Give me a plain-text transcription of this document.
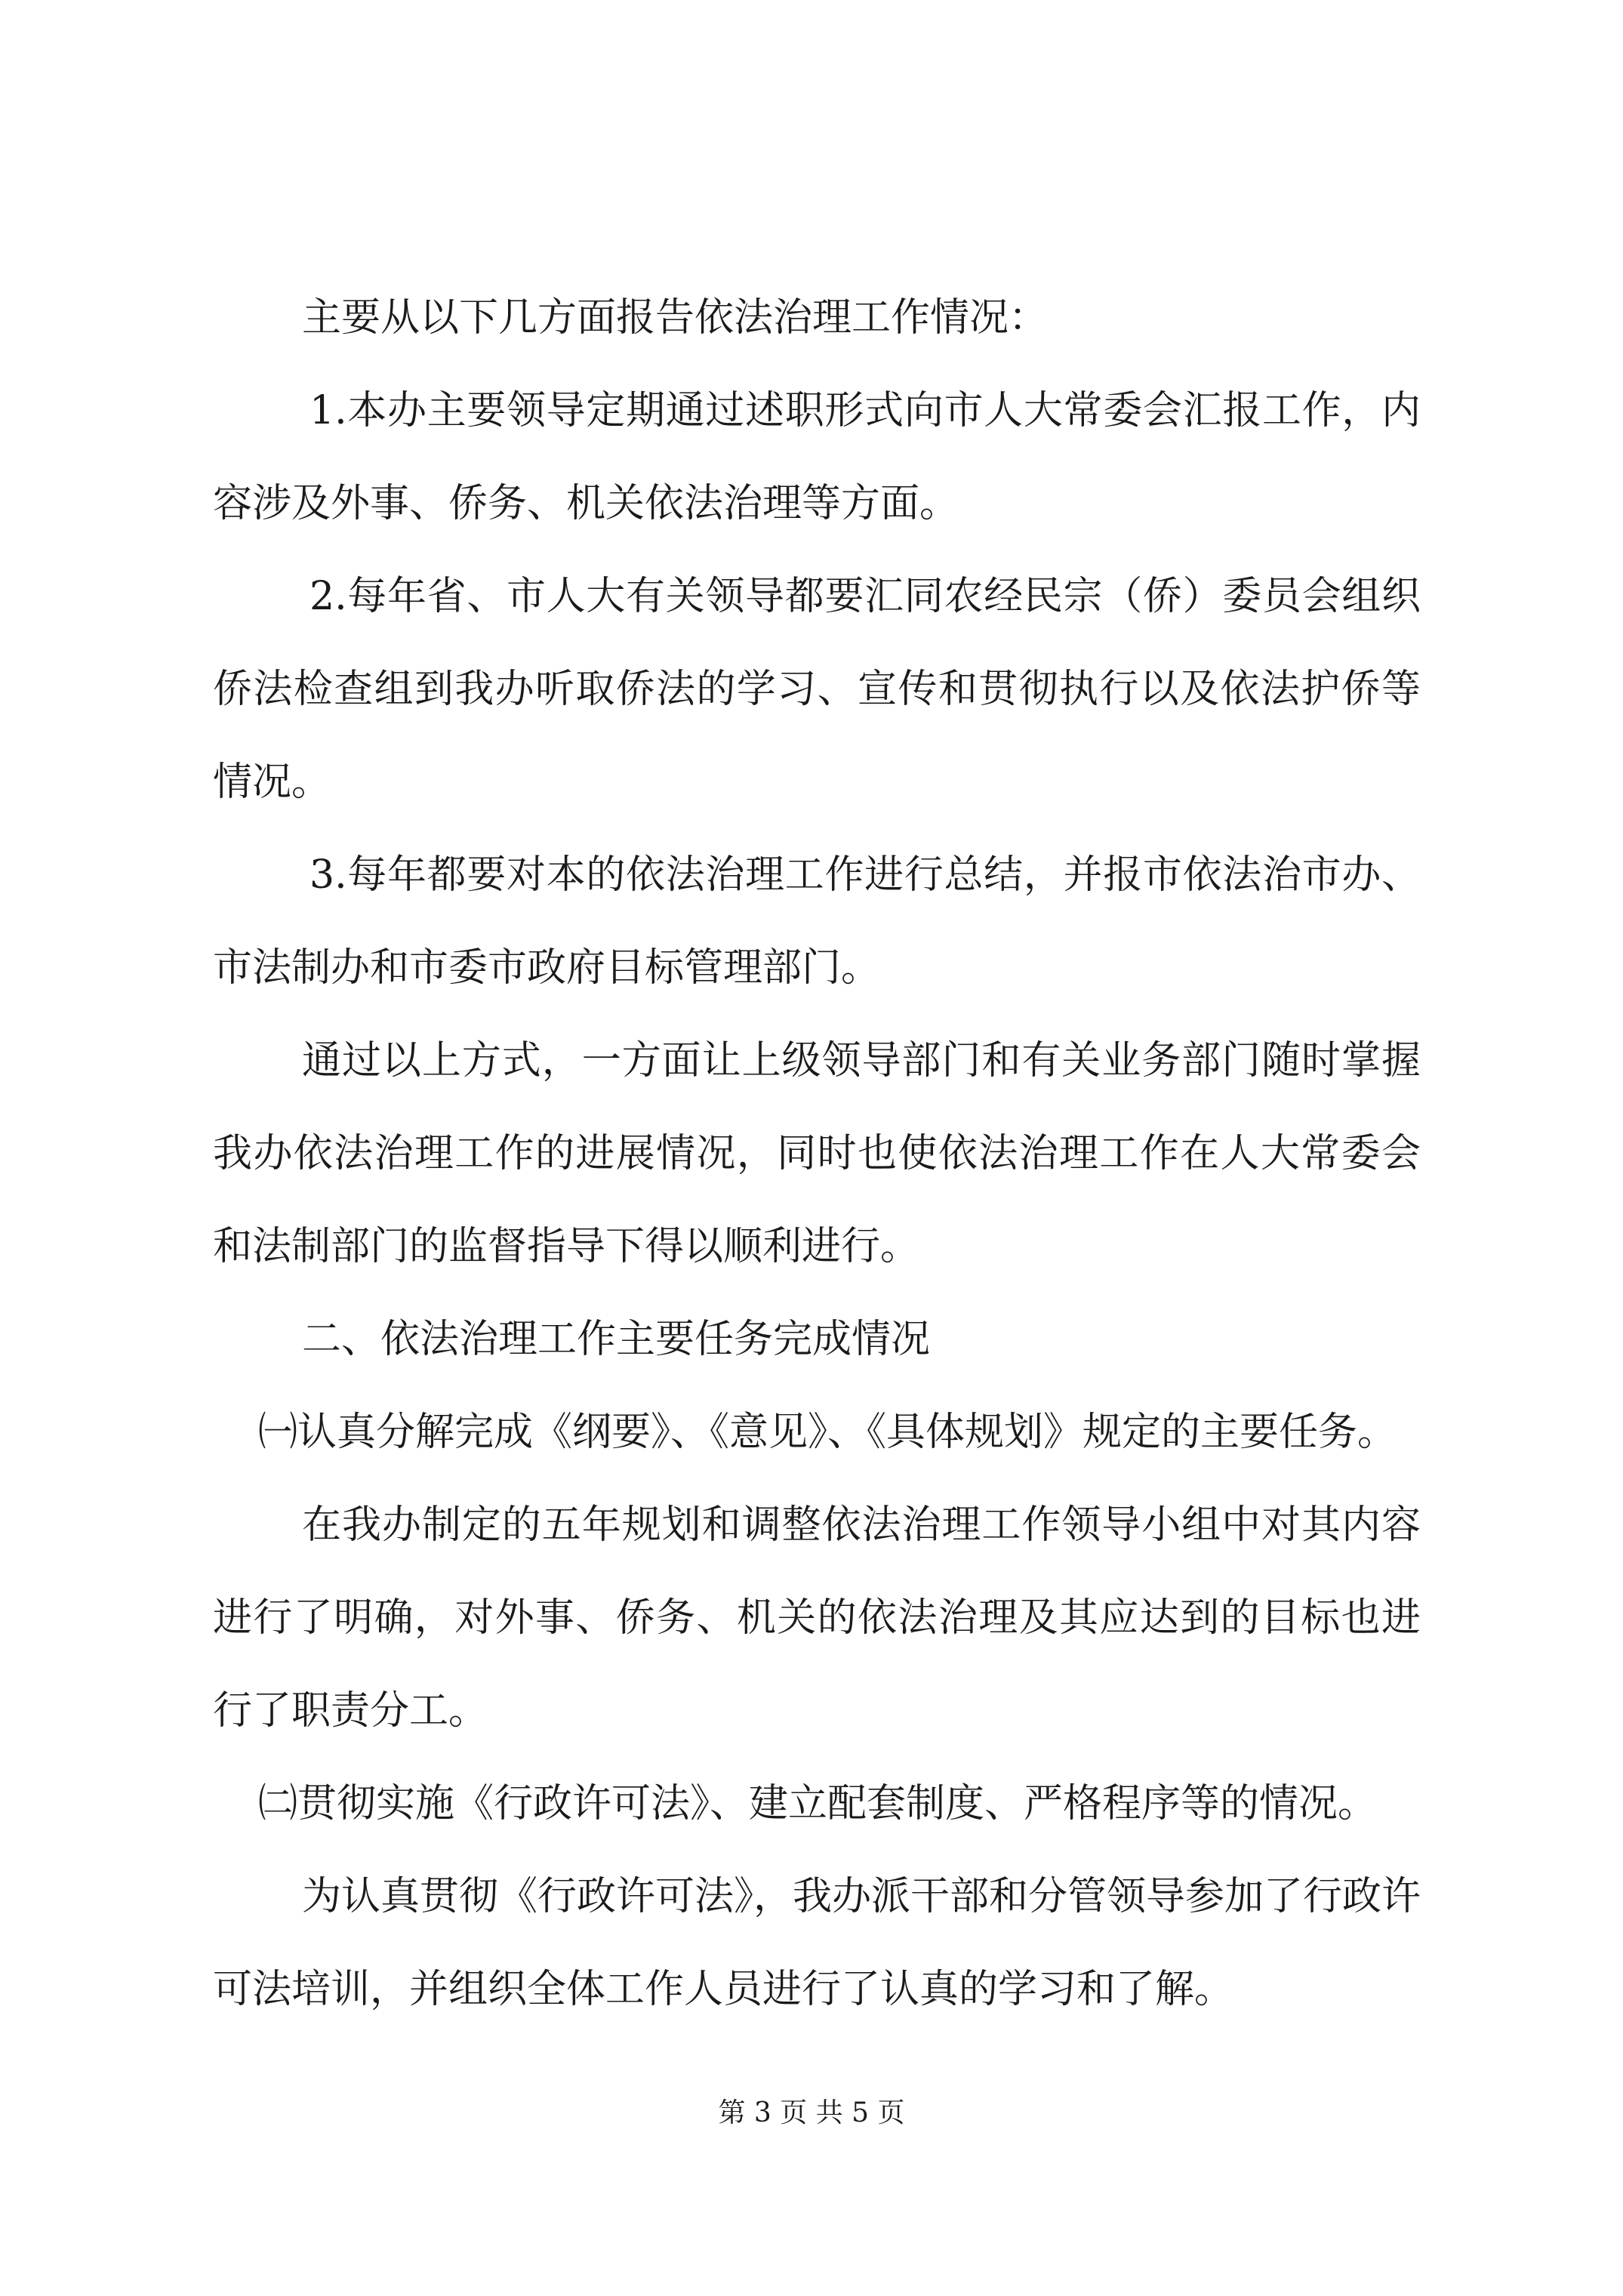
主要从以下几方面报告依法治理工作情况：

1.本办主要领导定期通过述职形式向市人大常委会汇报工作，内容涉及外事、侨务、机关依法治理等方面。

2.每年省、市人大有关领导都要汇同农经民宗（侨）委员会组织侨法检查组到我办听取侨法的学习、宣传和贯彻执行以及依法护侨等情况。

3.每年都要对本的依法治理工作进行总结，并报市依法治市办、市法制办和市委市政府目标管理部门。

通过以上方式，一方面让上级领导部门和有关业务部门随时掌握我办依法治理工作的进展情况，同时也使依法治理工作在人大常委会和法制部门的监督指导下得以顺利进行。

二、依法治理工作主要任务完成情况

㈠认真分解完成《纲要》、《意见》、《具体规划》规定的主要任务。

在我办制定的五年规划和调整依法治理工作领导小组中对其内容进行了明确，对外事、侨务、机关的依法治理及其应达到的目标也进行了职责分工。

㈡贯彻实施《行政许可法》、建立配套制度、严格程序等的情况。

为认真贯彻《行政许可法》，我办派干部和分管领导参加了行政许可法培训，并组织全体工作人员进行了认真的学习和了解。

第 3 页 共 5 页
